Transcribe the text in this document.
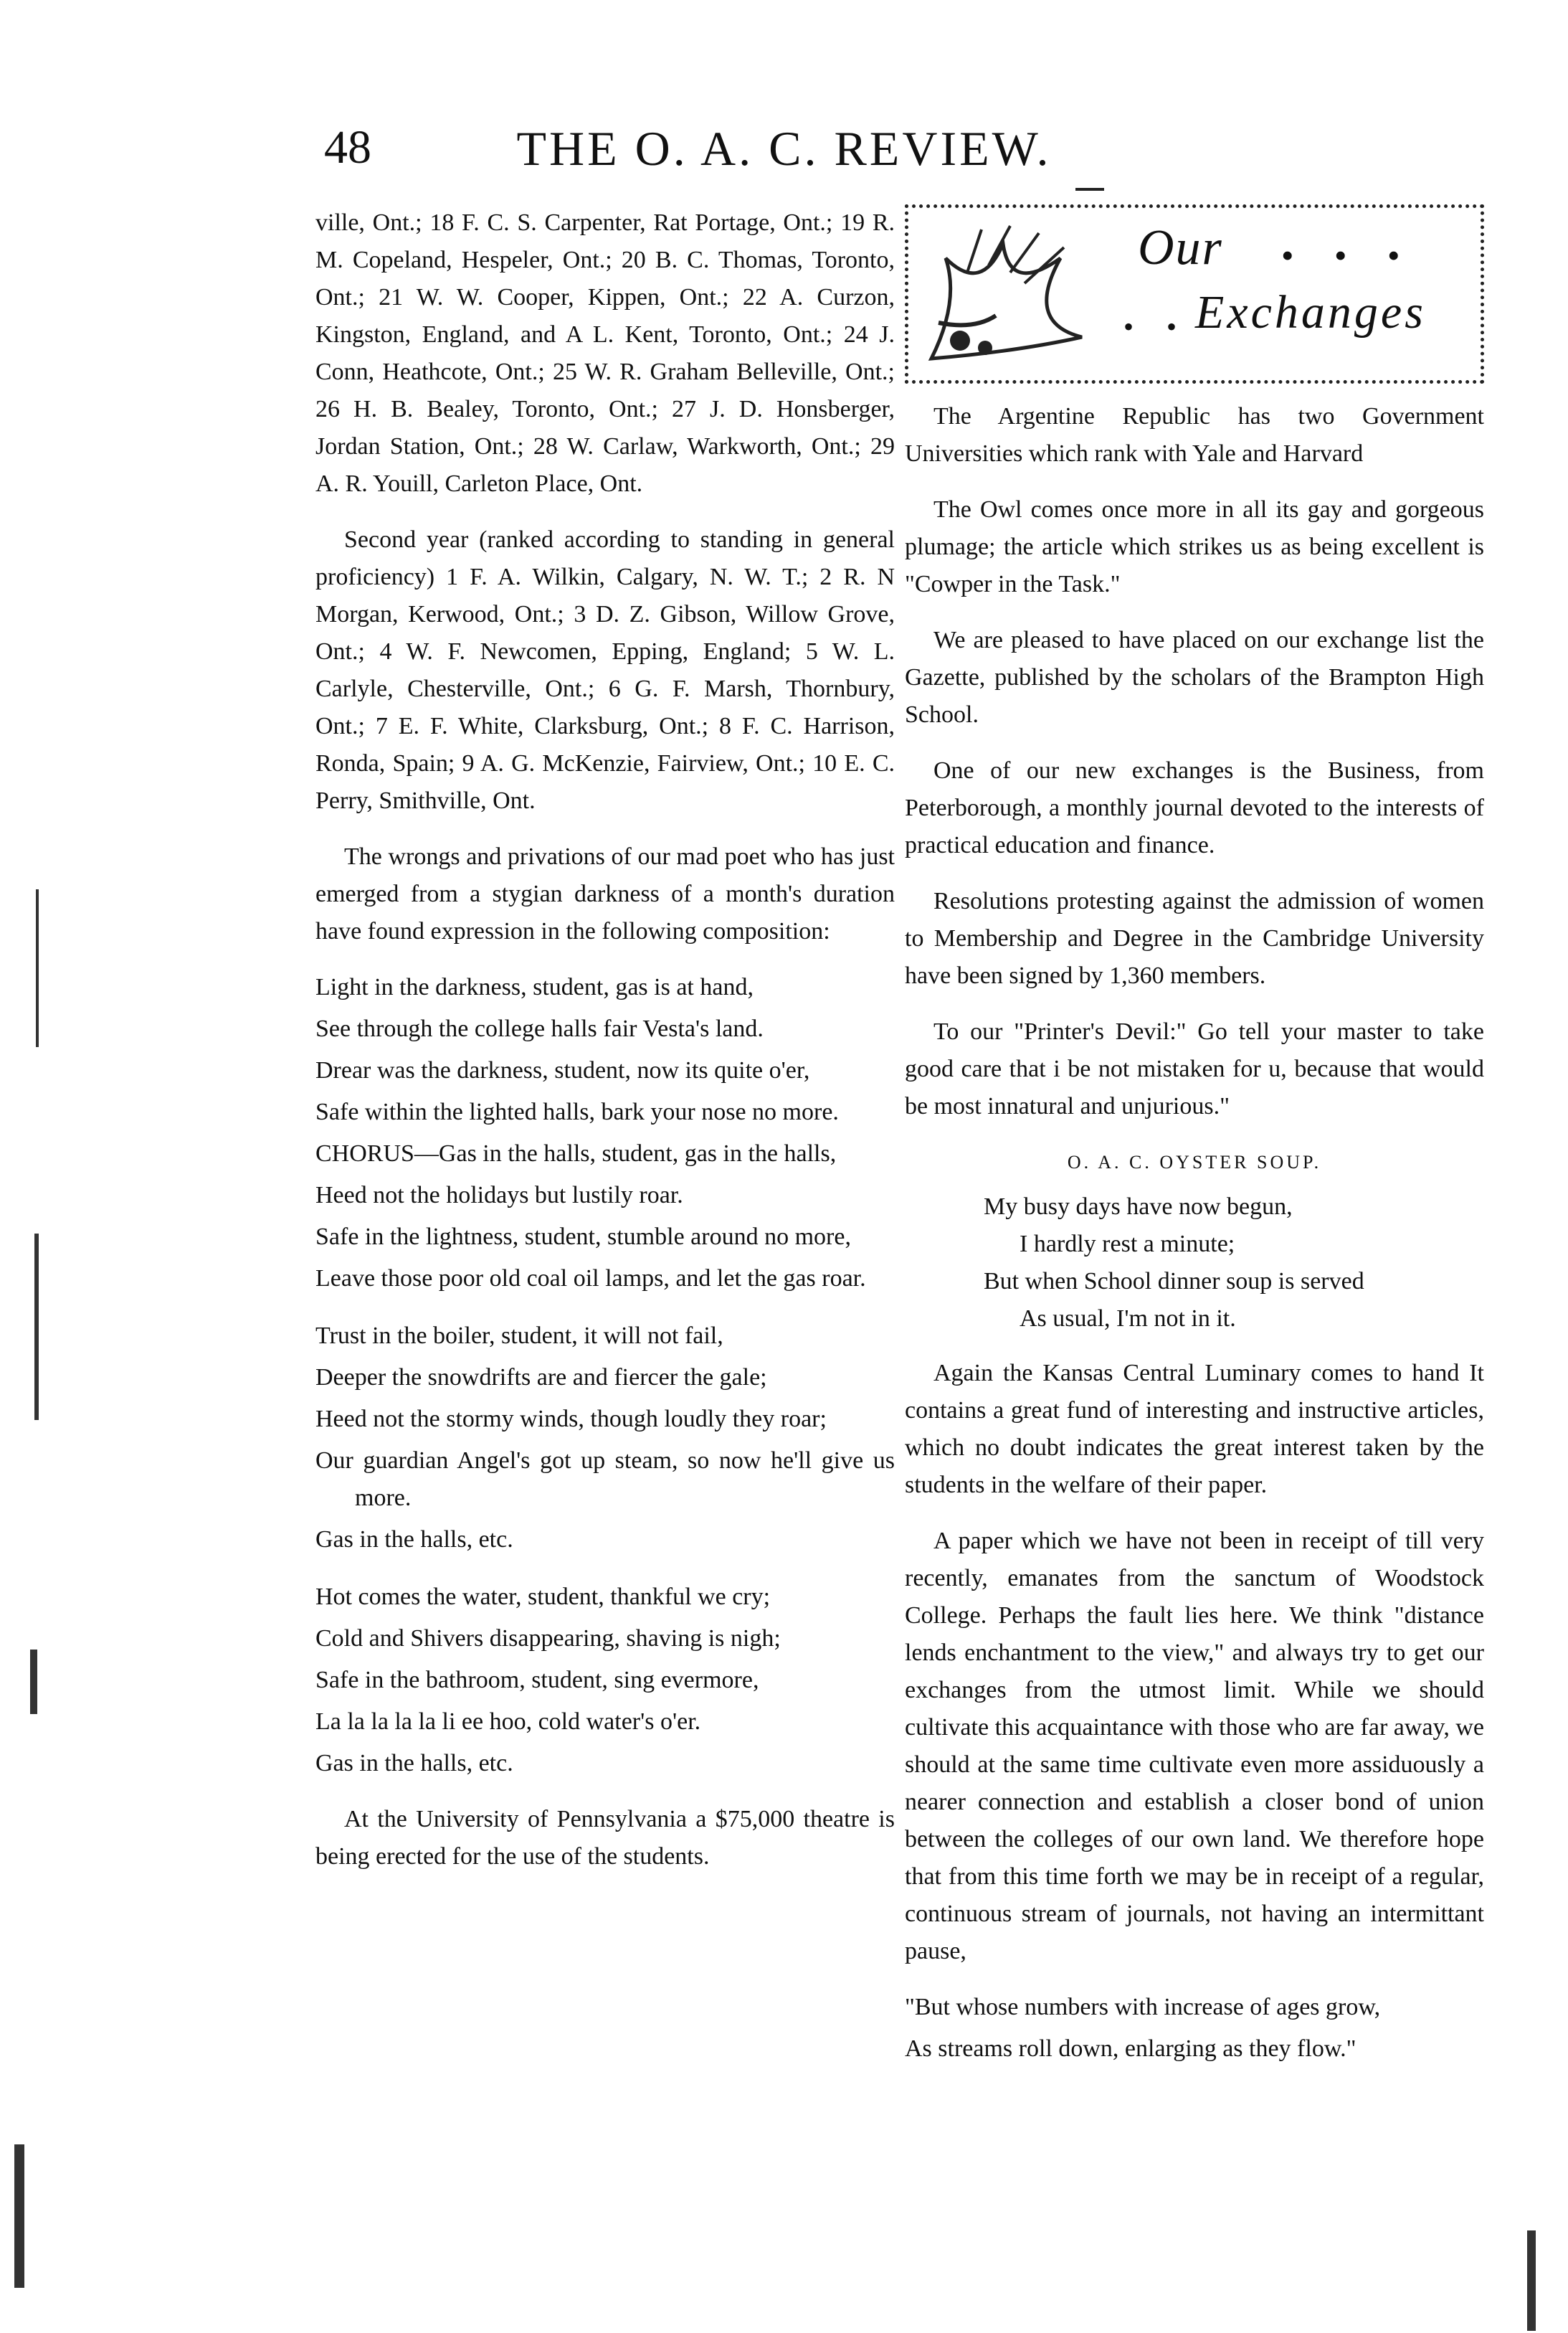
48	THE O. A. C. REVIEW.

ville, Ont.; 18 F. C. S. Carpenter, Rat Portage, Ont.; 19 R. M. Copeland, Hespeler, Ont.; 20 B. C. Thomas, Toronto, Ont.; 21 W. W. Cooper, Kippen, Ont.; 22 A. Curzon, Kingston, England, and A L. Kent, Toronto, Ont.; 24 J. Conn, Heathcote, Ont.; 25 W. R. Graham Belleville, Ont.; 26 H. B. Bealey, Toronto, Ont.; 27 J. D. Honsberger, Jordan Station, Ont.; 28 W. Carlaw, Warkworth, Ont.; 29 A. R. Youill, Carleton Place, Ont.

Second year (ranked according to standing in general proficiency) 1 F. A. Wilkin, Calgary, N. W. T.; 2 R. N Morgan, Kerwood, Ont.; 3 D. Z. Gibson, Willow Grove, Ont.; 4 W. F. Newcomen, Epping, England; 5 W. L. Carlyle, Chesterville, Ont.; 6 G. F. Marsh, Thornbury, Ont.; 7 E. F. White, Clarksburg, Ont.; 8 F. C. Harrison, Ronda, Spain; 9 A. G. McKenzie, Fairview, Ont.; 10 E. C. Perry, Smithville, Ont.

The wrongs and privations of our mad poet who has just emerged from a stygian darkness of a month's duration have found expression in the following composition:

Light in the darkness, student, gas is at hand,
See through the college halls fair Vesta's land.
Drear was the darkness, student, now its quite o'er,
Safe within the lighted halls, bark your nose no more.
CHORUS—Gas in the halls, student, gas in the halls,
Heed not the holidays but lustily roar.
Safe in the lightness, student, stumble around no more,
Leave those poor old coal oil lamps, and let the gas roar.
Trust in the boiler, student, it will not fail,
Deeper the snowdrifts are and fiercer the gale;
Heed not the stormy winds, though loudly they roar;
Our guardian Angel's got up steam, so now he'll give us more.
Gas in the halls, etc.
Hot comes the water, student, thankful we cry;
Cold and Shivers disappearing, shaving is nigh;
Safe in the bathroom, student, sing evermore,
La la la la la li ee hoo, cold water's o'er.
Gas in the halls, etc.

At the University of Pennsylvania a $75,000 theatre is being erected for the use of the students.

Our • • •
• • Exchanges

The Argentine Republic has two Government Universities which rank with Yale and Harvard

The Owl comes once more in all its gay and gorgeous plumage; the article which strikes us as being excellent is "Cowper in the Task."

We are pleased to have placed on our exchange list the Gazette, published by the scholars of the Brampton High School.

One of our new exchanges is the Business, from Peterborough, a monthly journal devoted to the interests of practical education and finance.

Resolutions protesting against the admission of women to Membership and Degree in the Cambridge University have been signed by 1,360 members.

To our "Printer's Devil:" Go tell your master to take good care that i be not mistaken for u, because that would be most innatural and unjurious."

O. A. C. OYSTER SOUP.
My busy days have now begun,
I hardly rest a minute;
But when School dinner soup is served
As usual, I'm not in it.

Again the Kansas Central Luminary comes to hand It contains a great fund of interesting and instructive articles, which no doubt indicates the great interest taken by the students in the welfare of their paper.

A paper which we have not been in receipt of till very recently, emanates from the sanctum of Woodstock College. Perhaps the fault lies here. We think "distance lends enchantment to the view," and always try to get our exchanges from the utmost limit. While we should cultivate this acquaintance with those who are far away, we should at the same time cultivate even more assiduously a nearer connection and establish a closer bond of union between the colleges of our own land. We therefore hope that from this time forth we may be in receipt of a regular, continuous stream of journals, not having an intermittant pause,

"But whose numbers with increase of ages grow,
As streams roll down, enlarging as they flow."
